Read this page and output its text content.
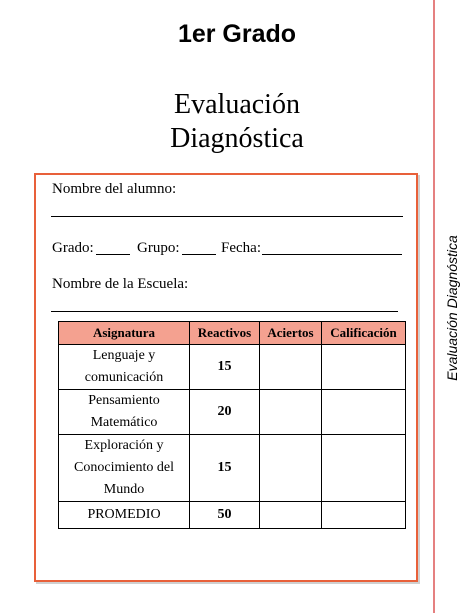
1er Grado
Evaluación
Diagnóstica
Evaluación Diagnóstica
Nombre del alumno:
Grado:	Grupo:	Fecha:
Nombre de la Escuela:
Asignatura	Reactivos	Aciertos	Calificación

Lenguaje y
comunicación	15		

Pensamiento
Matemático	20		

Exploración y
Conocimiento del
Mundo	15		

PROMEDIO	50		
